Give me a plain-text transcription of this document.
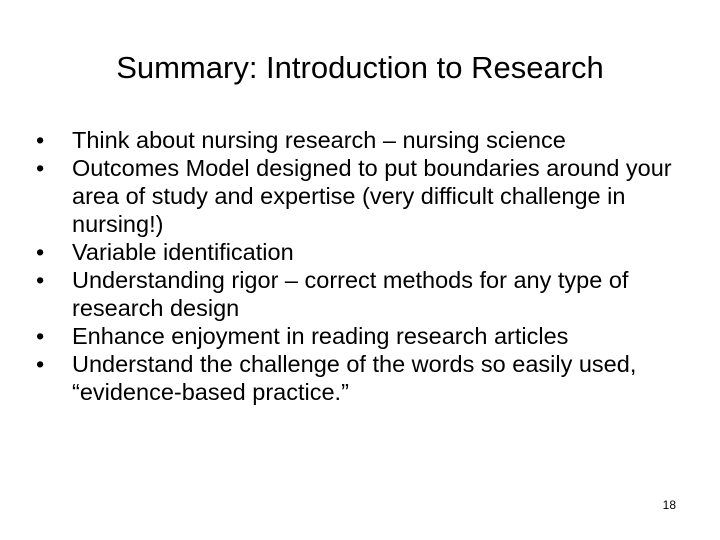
Summary: Introduction to Research
•	Think about nursing research – nursing science
•	Outcomes Model designed to put boundaries around your area of study and expertise (very difficult challenge in nursing!)
•	Variable identification
•	Understanding rigor – correct methods for any type of research design
•	Enhance enjoyment in reading research articles
•	Understand the challenge of the words so easily used, “evidence-based practice.”
18
